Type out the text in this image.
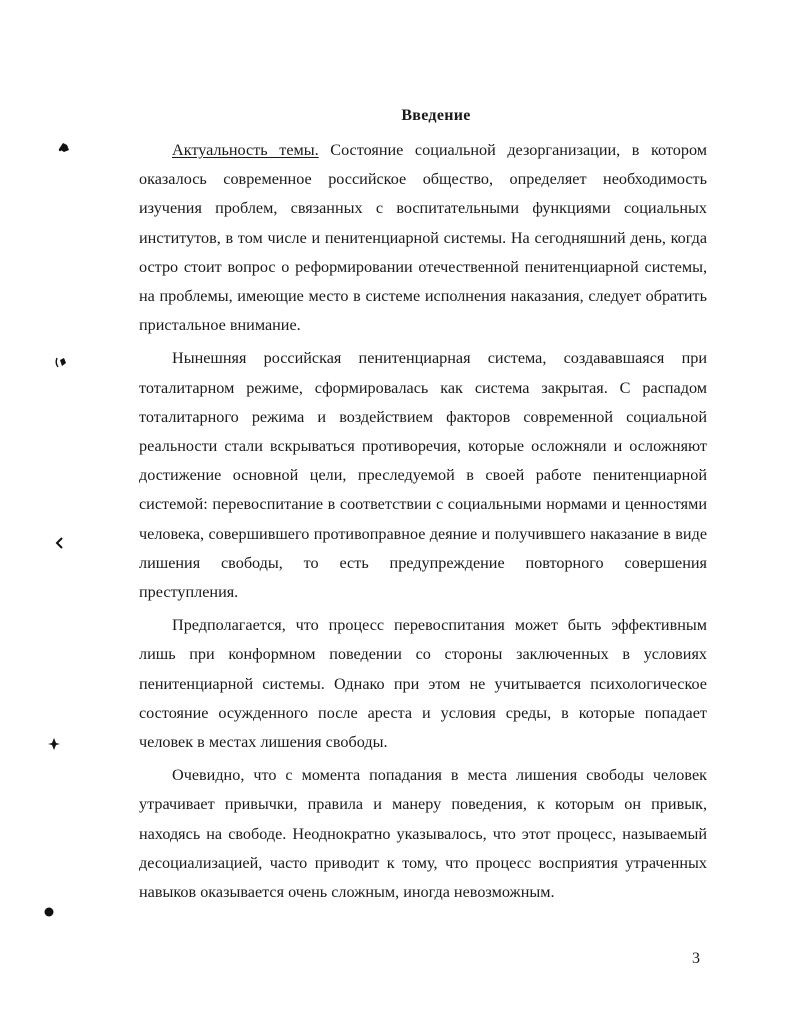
Введение

Актуальность темы. Состояние социальной дезорганизации, в котором оказалось современное российское общество, определяет необходимость изучения проблем, связанных с воспитательными функциями социальных институтов, в том числе и пенитенциарной системы. На сегодняшний день, когда остро стоит вопрос о реформировании отечественной пенитенциарной системы, на проблемы, имеющие место в системе исполнения наказания, следует обратить пристальное внимание.

Нынешняя российская пенитенциарная система, создававшаяся при тоталитарном режиме, сформировалась как система закрытая. С распадом тоталитарного режима и воздействием факторов современной социальной реальности стали вскрываться противоречия, которые осложняли и осложняют достижение основной цели, преследуемой в своей работе пенитенциарной системой: перевоспитание в соответствии с социальными нормами и ценностями человека, совершившего противоправное деяние и получившего наказание в виде лишения свободы, то есть предупреждение повторного совершения преступления.

Предполагается, что процесс перевоспитания может быть эффективным лишь при конформном поведении со стороны заключенных в условиях пенитенциарной системы. Однако при этом не учитывается психологическое состояние осужденного после ареста и условия среды, в которые попадает человек в местах лишения свободы.

Очевидно, что с момента попадания в места лишения свободы человек утрачивает привычки, правила и манеру поведения, к которым он привык, находясь на свободе. Неоднократно указывалось, что этот процесс, называемый десоциализацией, часто приводит к тому, что процесс восприятия утраченных навыков оказывается очень сложным, иногда невозможным.

3
